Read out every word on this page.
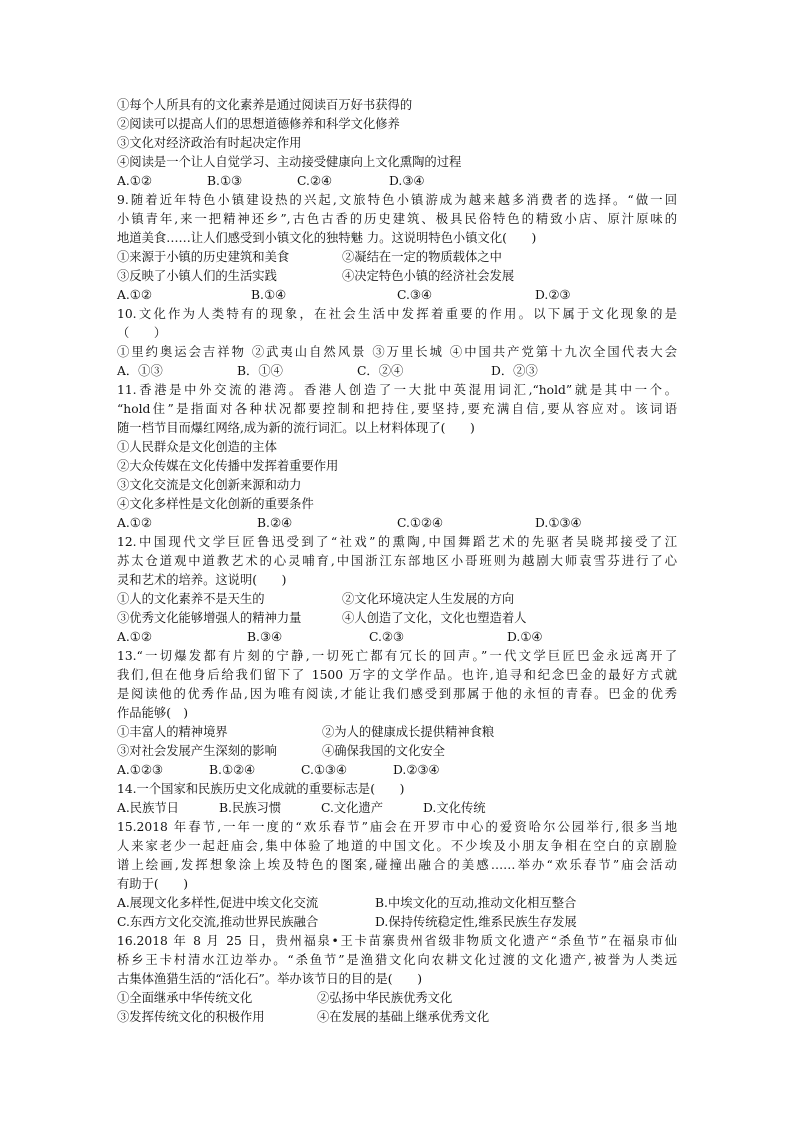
①每个人所具有的文化素养是通过阅读百万好书获得的
②阅读可以提高人们的思想道德修养和科学文化修养
③文化对经济政治有时起决定作用
④阅读是一个让人自觉学习、主动接受健康向上文化熏陶的过程
A.①②	B.①③	C.②④	D.③④
9.随着近年特色小镇建设热的兴起,文旅特色小镇游成为越来越多消费者的选择。“做一回
小镇青年,来一把精神还乡”,古色古香的历史建筑、极具民俗特色的精致小店、原汁原味的
地道美食……让人们感受到小镇文化的独特魅 力。这说明特色小镇文化(　　)
①来源于小镇的历史建筑和美食	②凝结在一定的物质载体之中
③反映了小镇人们的生活实践	④决定特色小镇的经济社会发展
A.①②	B.①④	C.③④	D.②③
10.文化作为人类特有的现象，在社会生活中发挥着重要的作用。以下属于文化现象的是
（　　）
①里约奥运会吉祥物 ②武夷山自然风景 ③万里长城 ④中国共产党第十九次全国代表大会
A．①③	B．①④	C．②④	D．②③
11.香港是中外交流的港湾。香港人创造了一大批中英混用词汇,“hold”就是其中一个。
“hold住”是指面对各种状况都要控制和把持住,要坚持,要充满自信,要从容应对。该词语
随一档节目而爆红网络,成为新的流行词汇。以上材料体现了(　　)
①人民群众是文化创造的主体
②大众传媒在文化传播中发挥着重要作用
③文化交流是文化创新来源和动力
④文化多样性是文化创新的重要条件
A.①②	B.②④	C.①②④	D.①③④
12.中国现代文学巨匠鲁迅受到了“社戏”的熏陶,中国舞蹈艺术的先驱者吴晓邦接受了江
苏太仓道观中道教艺术的心灵哺育,中国浙江东部地区小哥班则为越剧大师袁雪芬进行了心
灵和艺术的培养。这说明(　　)
①人的文化素养不是天生的	②文化环境决定人生发展的方向
③优秀文化能够增强人的精神力量	④人创造了文化，文化也塑造着人
A.①②	B.③④	C.②③	D.①④
13.“一切爆发都有片刻的宁静,一切死亡都有冗长的回声。”一代文学巨匠巴金永远离开了
我们,但在他身后给我们留下了 1500 万字的文学作品。也许,追寻和纪念巴金的最好方式就
是阅读他的优秀作品,因为唯有阅读,才能让我们感受到那属于他的永恒的青春。巴金的优秀
作品能够(　)
①丰富人的精神境界	②为人的健康成长提供精神食粮
③对社会发展产生深刻的影响	④确保我国的文化安全
A.①②③	B.①②④	C.①③④	D.②③④
14.一个国家和民族历史文化成就的重要标志是(　　)
A.民族节日	B.民族习惯	C.文化遗产	D.文化传统
15.2018 年春节,一年一度的“欢乐春节”庙会在开罗市中心的爱资哈尔公园举行,很多当地
人来家老少一起赶庙会,集中体验了地道的中国文化。不少埃及小朋友争相在空白的京剧脸
谱上绘画,发挥想象涂上埃及特色的图案,碰撞出融合的美感……举办“欢乐春节”庙会活动
有助于(　　)
A.展现文化多样性,促进中埃文化交流	B.中埃文化的互动,推动文化相互整合
C.东西方文化交流,推动世界民族融合	D.保持传统稳定性,维系民族生存发展
16.2018 年 8 月 25 日，贵州福泉•王卡苗寨贵州省级非物质文化遗产“杀鱼节”在福泉市仙
桥乡王卡村清水江边举办。“杀鱼节”是渔猎文化向农耕文化过渡的文化遗产,被誉为人类远
古集体渔猎生活的“活化石”。举办该节日的目的是(　　)
①全面继承中华传统文化	②弘扬中华民族优秀文化
③发挥传统文化的积极作用	④在发展的基础上继承优秀文化
